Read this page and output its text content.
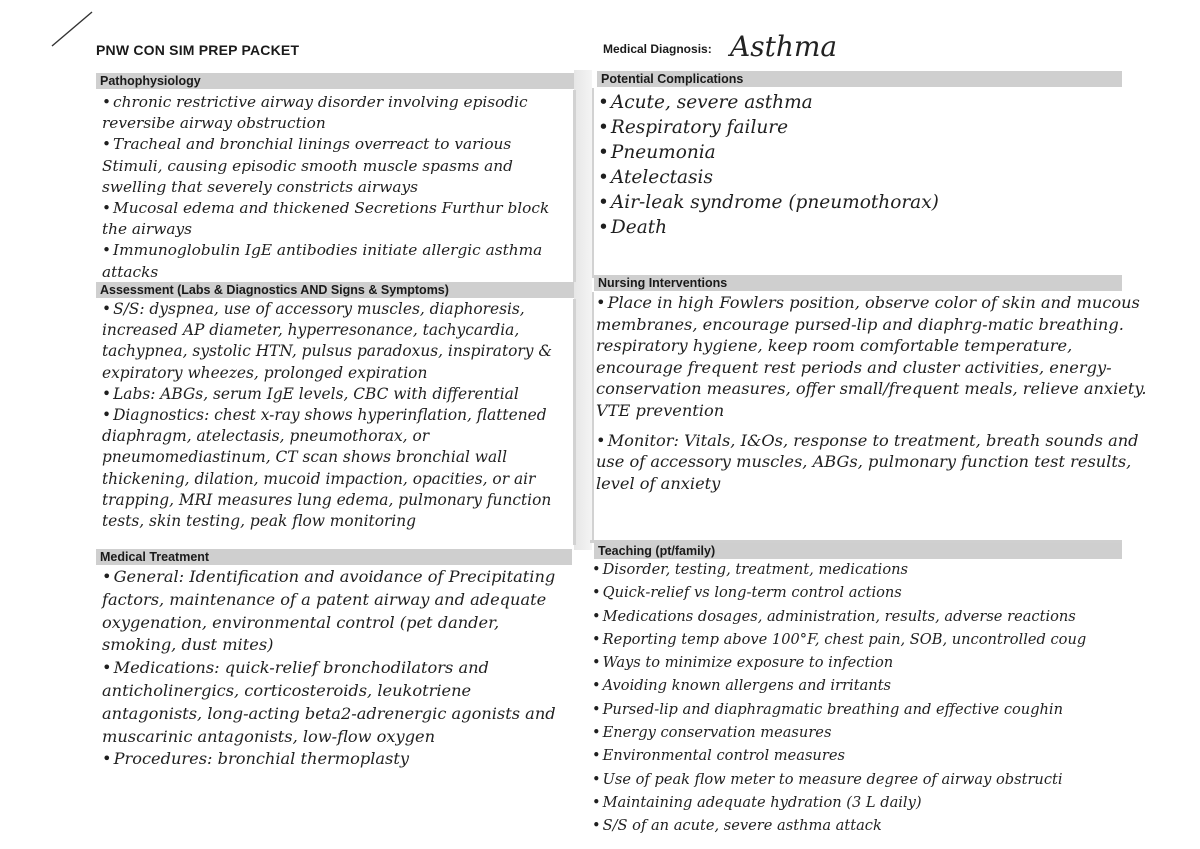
PNW CON SIM PREP PACKET	Medical Diagnosis: Asthma
Pathophysiology
• chronic restrictive airway disorder involving episodic reversibe airway obstruction
• Tracheal and bronchial linings overreact to various Stimuli, causing episodic smooth muscle spasms and swelling that severely constricts airways
• Mucosal edema and thickened Secretions Furthur block the airways
• Immunoglobulin IgE antibodies initiate allergic asthma attacks
Potential Complications
• Acute, severe asthma
• Respiratory failure
• Pneumonia
• Atelectasis
• Air-leak syndrome (pneumothorax)
• Death
Assessment (Labs & Diagnostics AND Signs & Symptoms)
• S/S: dyspnea, use of accessory muscles, diaphoresis, increased AP diameter, hyperresonance, tachycardia, tachypnea, systolic HTN, pulsus paradoxus, inspiratory & expiratory wheezes, prolonged expiration
• Labs: ABGs, serum IgE levels, CBC with differential
• Diagnostics: chest x-ray shows hyperinflation, flattened diaphragm, atelectasis, pneumothorax, or pneumomediastinum, CT scan shows bronchial wall thickening, dilation, mucoid impaction, opacities, or air trapping, MRI measures lung edema, pulmonary function tests, skin testing, peak flow monitoring
Nursing Interventions
• Place in high Fowlers position, observe color of skin and mucous membranes, encourage pursed-lip and diaphrg-matic breathing. respiratory hygiene, keep room comfortable temperature, encourage frequent rest periods and cluster activities, energy-conservation measures, offer small/frequent meals, relieve anxiety. VTE prevention
• Monitor: Vitals, I&Os, response to treatment, breath sounds and use of accessory muscles, ABGs, pulmonary function test results, level of anxiety
Medical Treatment
• General: Identification and avoidance of Precipitating factors, maintenance of a patent airway and adequate oxygenation, environmental control (pet dander, smoking, dust mites)
• Medications: quick-relief bronchodilators and anticholinergics, corticosteroids, leukotriene antagonists, long-acting beta2-adrenergic agonists and muscarinic antagonists, low-flow oxygen
• Procedures: bronchial thermoplasty
Teaching (pt/family)
• Disorder, testing, treatment, medications
• Quick-relief vs long-term control actions
• Medications dosages, administration, results, adverse reactions
• Reporting temp above 100°F, chest pain, SOB, uncontrolled coug
• Ways to minimize exposure to infection
• Avoiding known allergens and irritants
• Pursed-lip and diaphragmatic breathing and effective coughin
• Energy conservation measures
• Environmental control measures
• Use of peak flow meter to measure degree of airway obstructi
• Maintaining adequate hydration (3 L daily)
• S/S of an acute, severe asthma attack
